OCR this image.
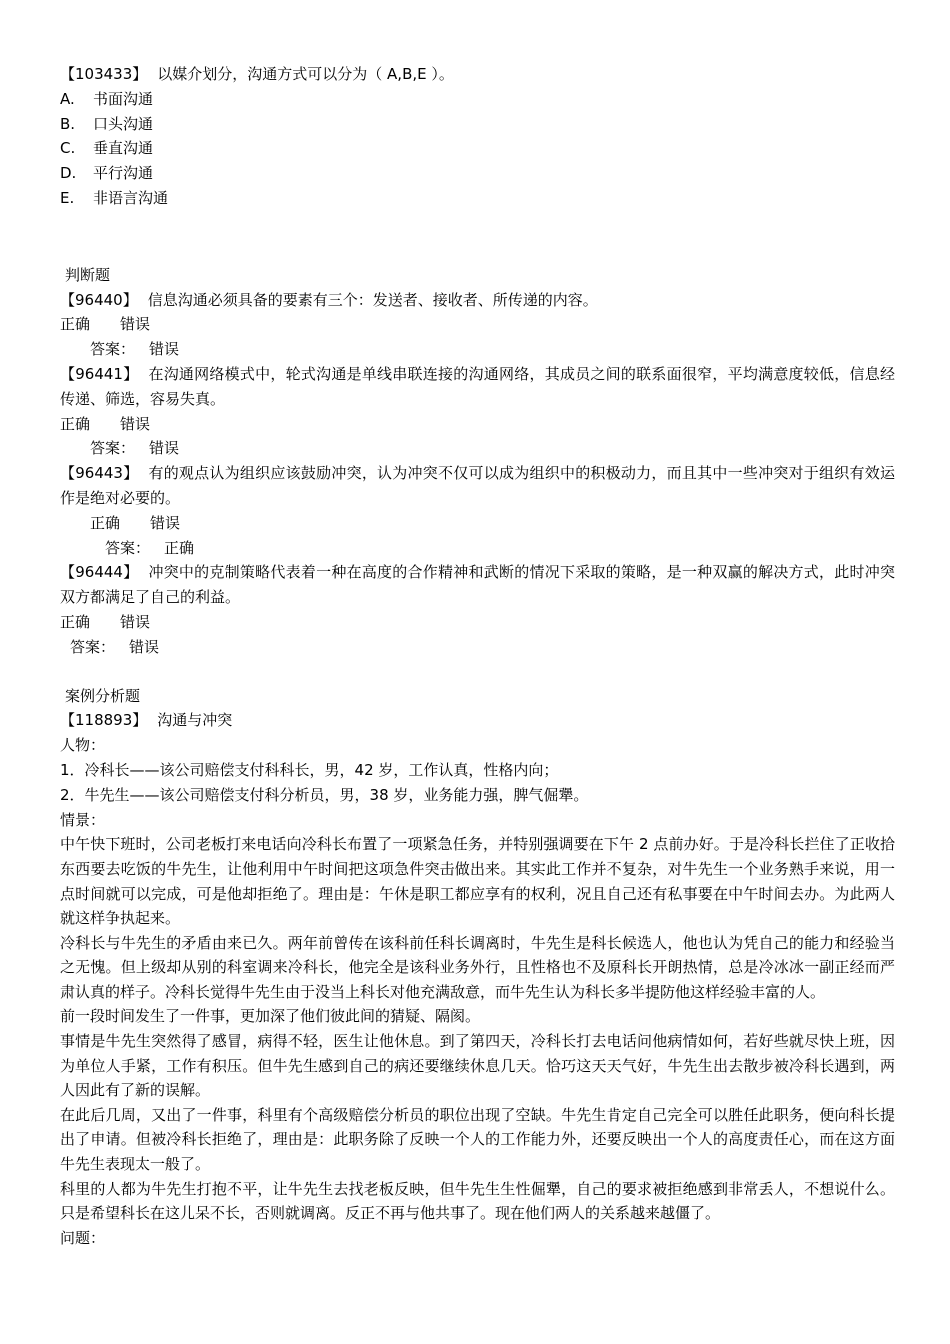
【103433】 以媒介划分，沟通方式可以分为（ A,B,E ）。
A. 书面沟通
B. 口头沟通
C. 垂直沟通
D. 平行沟通
E. 非语言沟通
判断题
【96440】 信息沟通必须具备的要素有三个：发送者、接收者、所传递的内容。
正确 错误
答案： 错误
【96441】 在沟通网络模式中，轮式沟通是单线串联连接的沟通网络，其成员之间的联系面很窄，平均满意度较低，信息经传递、筛选，容易失真。
正确 错误
答案： 错误
【96443】 有的观点认为组织应该鼓励冲突，认为冲突不仅可以成为组织中的积极动力，而且其中一些冲突对于组织有效运作是绝对必要的。
正确 错误
答案： 正确
【96444】 冲突中的克制策略代表着一种在高度的合作精神和武断的情况下采取的策略，是一种双赢的解决方式，此时冲突双方都满足了自己的利益。
正确 错误
答案： 错误
案例分析题
【118893】 沟通与冲突
人物：
1．冷科长——该公司赔偿支付科科长，男，42 岁，工作认真，性格内向；
2．牛先生——该公司赔偿支付科分析员，男，38 岁，业务能力强，脾气倔犟。
情景：
中午快下班时，公司老板打来电话向冷科长布置了一项紧急任务，并特别强调要在下午 2 点前办好。于是冷科长拦住了正收拾东西要去吃饭的牛先生，让他利用中午时间把这项急件突击做出来。其实此工作并不复杂，对牛先生一个业务熟手来说，用一点时间就可以完成，可是他却拒绝了。理由是：午休是职工都应享有的权利，况且自己还有私事要在中午时间去办。为此两人就这样争执起来。
冷科长与牛先生的矛盾由来已久。两年前曾传在该科前任科长调离时，牛先生是科长候选人，他也认为凭自己的能力和经验当之无愧。但上级却从别的科室调来冷科长，他完全是该科业务外行，且性格也不及原科长开朗热情，总是冷冰冰一副正经而严肃认真的样子。冷科长觉得牛先生由于没当上科长对他充满敌意，而牛先生认为科长多半提防他这样经验丰富的人。
前一段时间发生了一件事，更加深了他们彼此间的猜疑、隔阂。
事情是牛先生突然得了感冒，病得不轻，医生让他休息。到了第四天，冷科长打去电话问他病情如何，若好些就尽快上班，因为单位人手紧，工作有积压。但牛先生感到自己的病还要继续休息几天。恰巧这天天气好，牛先生出去散步被冷科长遇到，两人因此有了新的误解。
在此后几周，又出了一件事，科里有个高级赔偿分析员的职位出现了空缺。牛先生肯定自己完全可以胜任此职务，便向科长提出了申请。但被冷科长拒绝了，理由是：此职务除了反映一个人的工作能力外，还要反映出一个人的高度责任心，而在这方面牛先生表现太一般了。
科里的人都为牛先生打抱不平，让牛先生去找老板反映，但牛先生生性倔犟，自己的要求被拒绝感到非常丢人，不想说什么。只是希望科长在这儿呆不长，否则就调离。反正不再与他共事了。现在他们两人的关系越来越僵了。
问题：
